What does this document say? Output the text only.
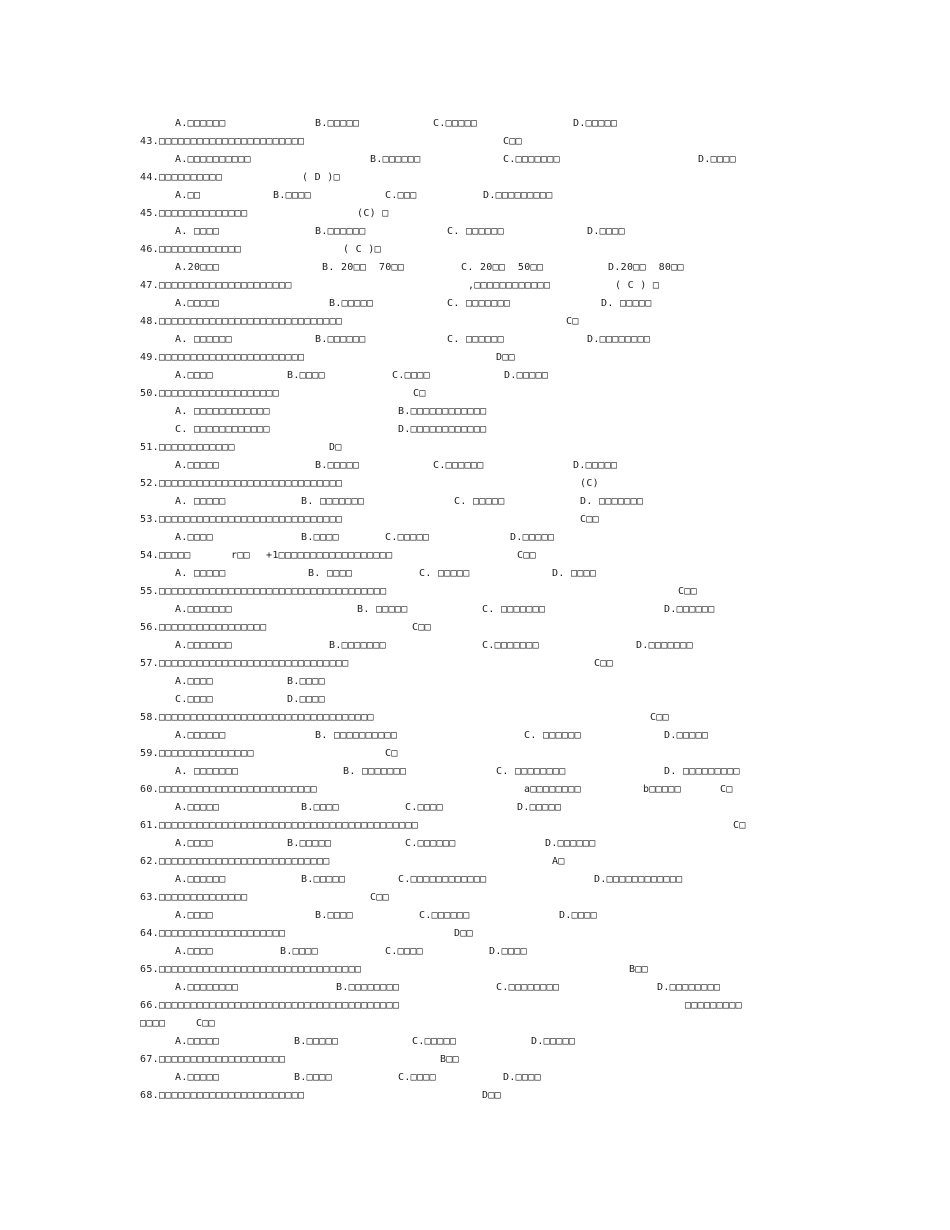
A.□□□□□□	B.□□□□□	C.□□□□□	D.□□□□□
43.□□□□□□□□□□□□□□□□□□□□□□□	C□□
A.□□□□□□□□□□	B.□□□□□□	C.□□□□□□□	D.□□□□
44.□□□□□□□□□□	( D )□
A.□□	B.□□□□	C.□□□	D.□□□□□□□□□
45.□□□□□□□□□□□□□□	(C) □
A. □□□□	B.□□□□□□	C. □□□□□□	D.□□□□
46.□□□□□□□□□□□□□	( C )□
A.20□□□	B. 20□□  70□□	C. 20□□  50□□	D.20□□  80□□
47.□□□□□□□□□□□□□□□□□□□□□	,□□□□□□□□□□□□	( C ) □
A.□□□□□	B.□□□□□	C. □□□□□□□	D. □□□□□
48.□□□□□□□□□□□□□□□□□□□□□□□□□□□□□	C□
A. □□□□□□	B.□□□□□□	C. □□□□□□	D.□□□□□□□□
49.□□□□□□□□□□□□□□□□□□□□□□□	D□□
A.□□□□	B.□□□□	C.□□□□	D.□□□□□
50.□□□□□□□□□□□□□□□□□□□	C□
A. □□□□□□□□□□□□	B.□□□□□□□□□□□□
C. □□□□□□□□□□□□	D.□□□□□□□□□□□□
51.□□□□□□□□□□□□	D□
A.□□□□□	B.□□□□□	C.□□□□□□	D.□□□□□
52.□□□□□□□□□□□□□□□□□□□□□□□□□□□□□	(C)
A. □□□□□	B. □□□□□□□	C. □□□□□	D. □□□□□□□
53.□□□□□□□□□□□□□□□□□□□□□□□□□□□□□	C□□
A.□□□□	B.□□□□	C.□□□□□	D.□□□□□
54.□□□□□	r□□ +1□□□□□□□□□□□□□□□□□□	C□□
A. □□□□□	B. □□□□	C. □□□□□	D. □□□□
55.□□□□□□□□□□□□□□□□□□□□□□□□□□□□□□□□□□□□	C□□
A.□□□□□□□	B. □□□□□	C. □□□□□□□	D.□□□□□□
56.□□□□□□□□□□□□□□□□□	C□□
A.□□□□□□□	B.□□□□□□□	C.□□□□□□□	D.□□□□□□□
57.□□□□□□□□□□□□□□□□□□□□□□□□□□□□□□	C□□
A.□□□□	B.□□□□
C.□□□□	D.□□□□
58.□□□□□□□□□□□□□□□□□□□□□□□□□□□□□□□□□□	C□□
A.□□□□□□	B. □□□□□□□□□□	C. □□□□□□	D.□□□□□
59.□□□□□□□□□□□□□□□	C□
A. □□□□□□□	B. □□□□□□□	C. □□□□□□□□	D. □□□□□□□□□
60.□□□□□□□□□□□□□□□□□□□□□□□□□	a□□□□□□□□	b□□□□□	C□
A.□□□□□	B.□□□□	C.□□□□	D.□□□□□
61.□□□□□□□□□□□□□□□□□□□□□□□□□□□□□□□□□□□□□□□□□	C□
A.□□□□	B.□□□□□	C.□□□□□□	D.□□□□□□
62.□□□□□□□□□□□□□□□□□□□□□□□□□□□	A□
A.□□□□□□	B.□□□□□	C.□□□□□□□□□□□□	D.□□□□□□□□□□□□
63.□□□□□□□□□□□□□□	C□□
A.□□□□	B.□□□□	C.□□□□□□	D.□□□□
64.□□□□□□□□□□□□□□□□□□□□	D□□
A.□□□□	B.□□□□	C.□□□□	D.□□□□
65.□□□□□□□□□□□□□□□□□□□□□□□□□□□□□□□□	B□□
A.□□□□□□□□	B.□□□□□□□□	C.□□□□□□□□	D.□□□□□□□□
66.□□□□□□□□□□□□□□□□□□□□□□□□□□□□□□□□□□□□□□	□□□□□□□□□
□□□□	C□□
A.□□□□□	B.□□□□□	C.□□□□□	D.□□□□□
67.□□□□□□□□□□□□□□□□□□□□	B□□
A.□□□□□	B.□□□□	C.□□□□	D.□□□□
68.□□□□□□□□□□□□□□□□□□□□□□□	D□□
